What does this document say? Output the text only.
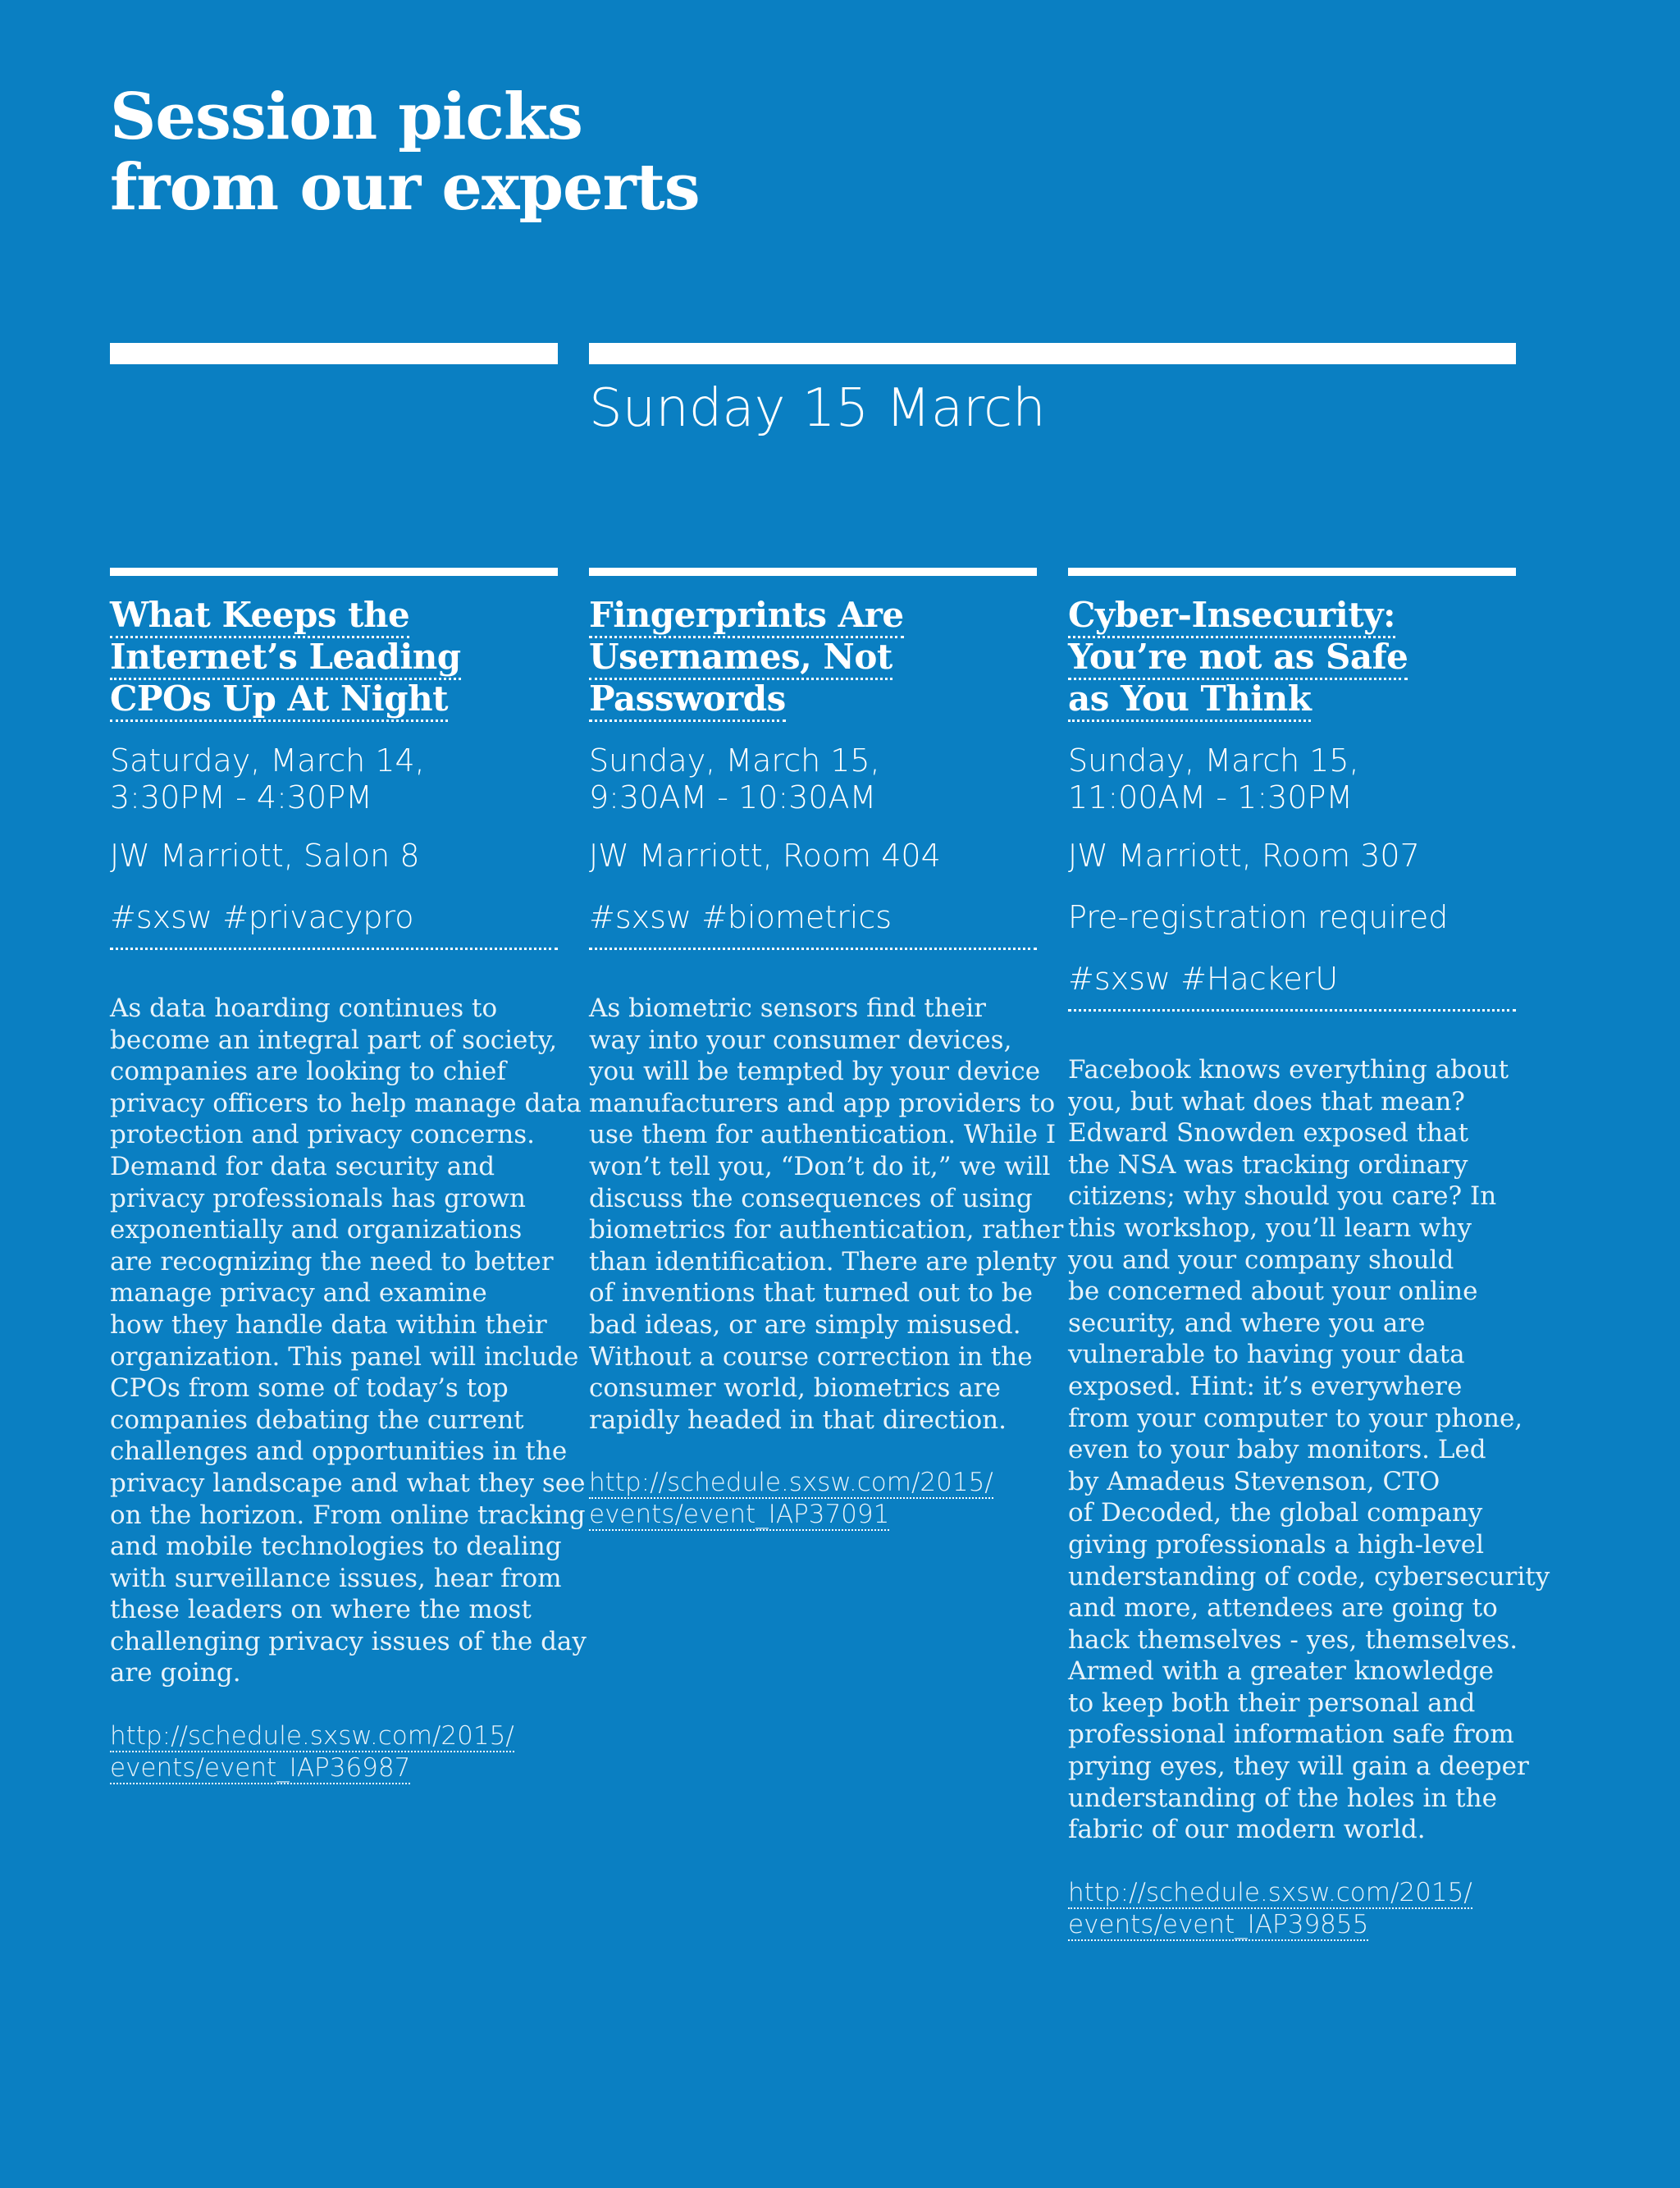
Session picks
from our experts
Sunday 15 March
What Keeps the
Internet’s Leading
CPOs Up At Night

Saturday, March 14,
3:30PM - 4:30PM

JW Marriott, Salon 8

#sxsw #privacypro

As data hoarding continues to
become an integral part of society,
companies are looking to chief
privacy officers to help manage data
protection and privacy concerns.
Demand for data security and
privacy professionals has grown
exponentially and organizations
are recognizing the need to better
manage privacy and examine
how they handle data within their
organization. This panel will include
CPOs from some of today’s top
companies debating the current
challenges and opportunities in the
privacy landscape and what they see
on the horizon. From online tracking
and mobile technologies to dealing
with surveillance issues, hear from
these leaders on where the most
challenging privacy issues of the day
are going.

http://schedule.sxsw.com/2015/
events/event_IAP36987
Fingerprints Are
Usernames, Not
Passwords

Sunday, March 15,
9:30AM - 10:30AM

JW Marriott, Room 404

#sxsw #biometrics

As biometric sensors find their
way into your consumer devices,
you will be tempted by your device
manufacturers and app providers to
use them for authentication. While I
won’t tell you, “Don’t do it,” we will
discuss the consequences of using
biometrics for authentication, rather
than identification. There are plenty
of inventions that turned out to be
bad ideas, or are simply misused.
Without a course correction in the
consumer world, biometrics are
rapidly headed in that direction.

http://schedule.sxsw.com/2015/
events/event_IAP37091
Cyber-Insecurity:
You’re not as Safe
as You Think

Sunday, March 15,
11:00AM - 1:30PM

JW Marriott, Room 307

Pre-registration required

#sxsw #HackerU

Facebook knows everything about
you, but what does that mean?
Edward Snowden exposed that
the NSA was tracking ordinary
citizens; why should you care? In
this workshop, you’ll learn why
you and your company should
be concerned about your online
security, and where you are
vulnerable to having your data
exposed. Hint: it’s everywhere
from your computer to your phone,
even to your baby monitors. Led
by Amadeus Stevenson, CTO
of Decoded, the global company
giving professionals a high-level
understanding of code, cybersecurity
and more, attendees are going to
hack themselves - yes, themselves.
Armed with a greater knowledge
to keep both their personal and
professional information safe from
prying eyes, they will gain a deeper
understanding of the holes in the
fabric of our modern world.

http://schedule.sxsw.com/2015/
events/event_IAP39855
